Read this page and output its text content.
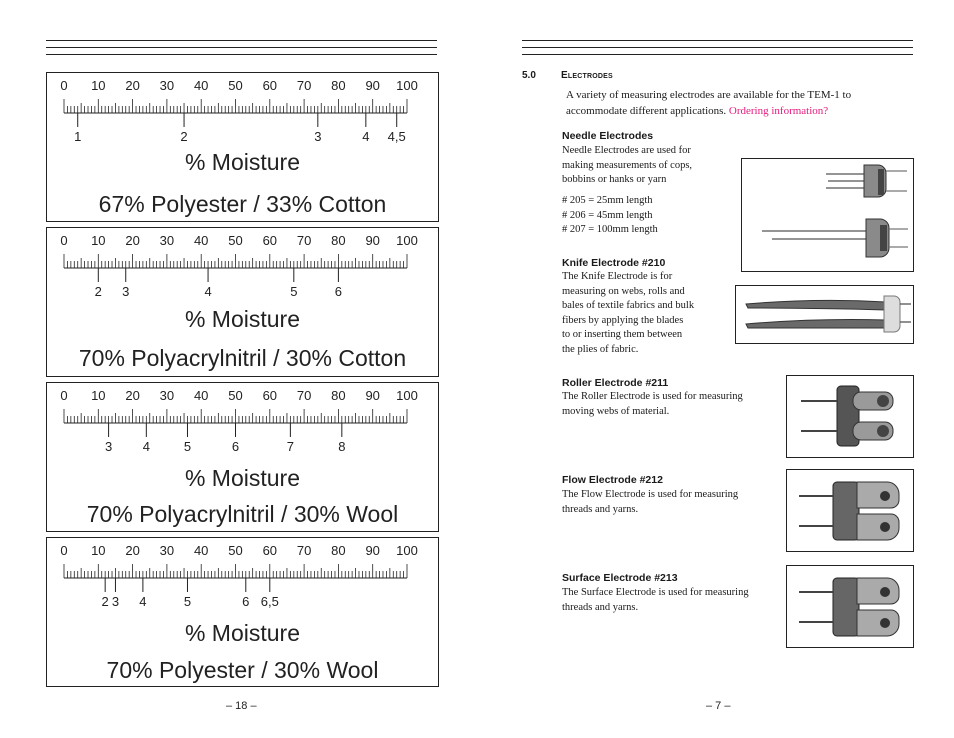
0 10 20 30 40 50 60 70 80 90 100
1	2	3	4 4,5
% Moisture
67% Polyester / 33% Cotton
0 10 20 30 40 50 60 70 80 90 100
2 3	4	5	6
% Moisture
70% Polyacrylnitril / 30% Cotton
0 10 20 30 40 50 60 70 80 90 100
3 4	5	6	7	8
% Moisture
70% Polyacrylnitril / 30% Wool
0 10 20 30 40 50 60 70 80 90 100
2 3 4	5	6 6,5
% Moisture
70% Polyester / 30% Wool
– 18 –
5.0	Electrodes
A variety of measuring electrodes are available for the TEM-1 to
accommodate different applications. Ordering information?
Needle Electrodes
Needle Electrodes are used for
making measurements of cops,
bobbins or hanks or yarn
# 205 = 25mm length
# 206 = 45mm length
# 207 = 100mm length
Knife Electrode #210
The Knife Electrode is for
measuring on webs, rolls and
bales of textile fabrics and bulk
fibers by applying the blades
to or inserting them between
the plies of fabric.
Roller Electrode #211
The Roller Electrode is used for measuring
moving webs of material.
Flow Electrode #212
The Flow Electrode is used for measuring
threads and yarns.
Surface Electrode #213
The Surface Electrode is used for measuring
threads and yarns.
– 7 –
